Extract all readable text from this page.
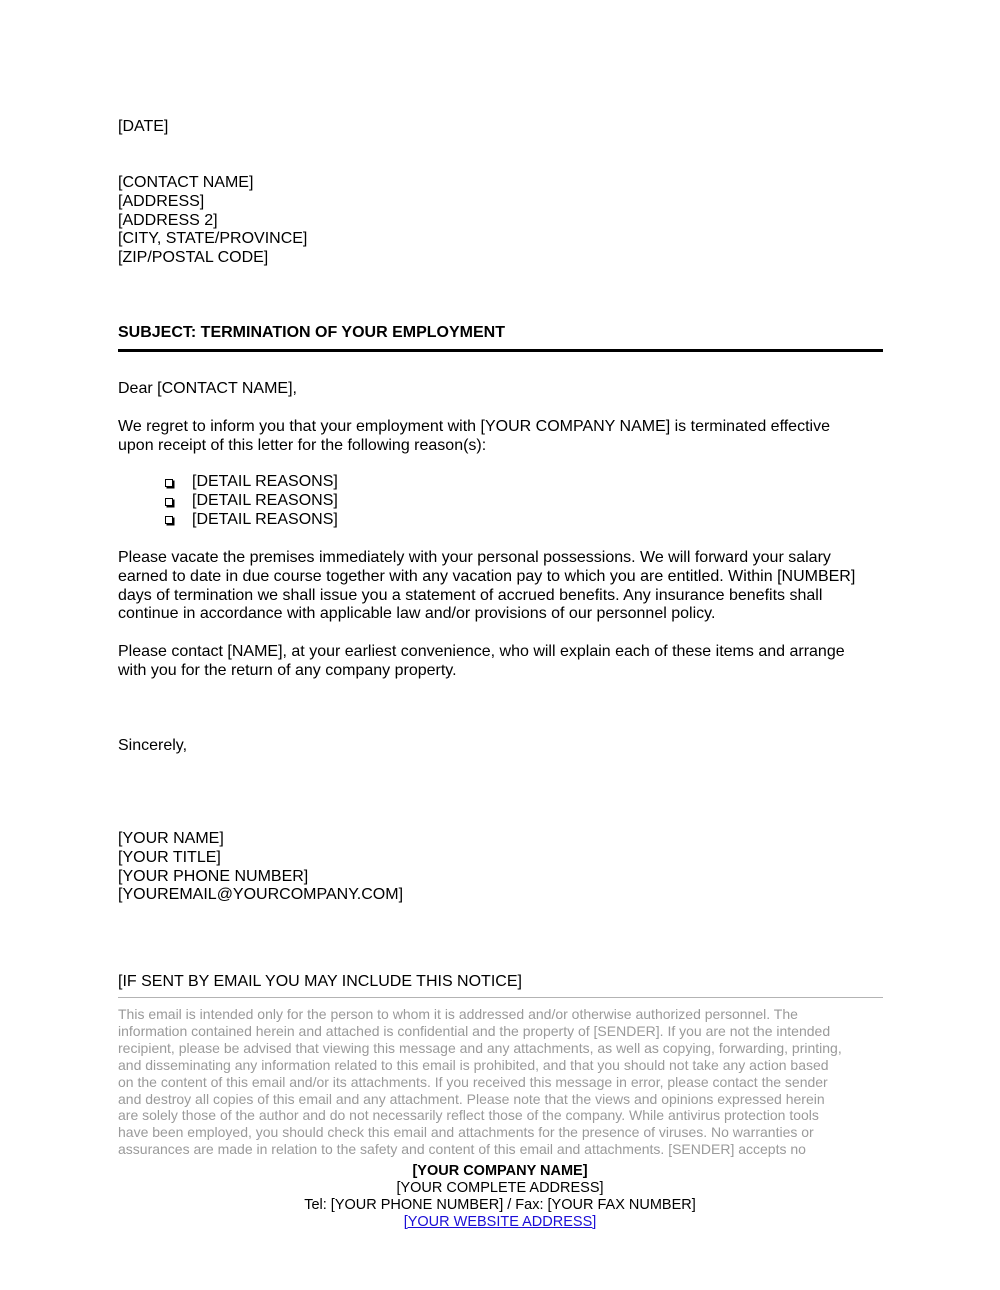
[DATE]
[CONTACT NAME]
[ADDRESS]
[ADDRESS 2]
[CITY, STATE/PROVINCE]
[ZIP/POSTAL CODE]
SUBJECT: TERMINATION OF YOUR EMPLOYMENT
Dear [CONTACT NAME],
We regret to inform you that your employment with [YOUR COMPANY NAME] is terminated effective
upon receipt of this letter for the following reason(s):
[DETAIL REASONS]
[DETAIL REASONS]
[DETAIL REASONS]
Please vacate the premises immediately with your personal possessions. We will forward your salary
earned to date in due course together with any vacation pay to which you are entitled. Within [NUMBER]
days of termination we shall issue you a statement of accrued benefits. Any insurance benefits shall
continue in accordance with applicable law and/or provisions of our personnel policy.
Please contact [NAME], at your earliest convenience, who will explain each of these items and arrange
with you for the return of any company property.
Sincerely,
[YOUR NAME]
[YOUR TITLE]
[YOUR PHONE NUMBER]
[YOUREMAIL@YOURCOMPANY.COM]
[IF SENT BY EMAIL YOU MAY INCLUDE THIS NOTICE]
This email is intended only for the person to whom it is addressed and/or otherwise authorized personnel. The
information contained herein and attached is confidential and the property of [SENDER]. If you are not the intended
recipient, please be advised that viewing this message and any attachments, as well as copying, forwarding, printing,
and disseminating any information related to this email is prohibited, and that you should not take any action based
on the content of this email and/or its attachments. If you received this message in error, please contact the sender
and destroy all copies of this email and any attachment. Please note that the views and opinions expressed herein
are solely those of the author and do not necessarily reflect those of the company. While antivirus protection tools
have been employed, you should check this email and attachments for the presence of viruses. No warranties or
assurances are made in relation to the safety and content of this email and attachments. [SENDER] accepts no
[YOUR COMPANY NAME]
[YOUR COMPLETE ADDRESS]
Tel: [YOUR PHONE NUMBER] / Fax: [YOUR FAX NUMBER]
[YOUR WEBSITE ADDRESS]
